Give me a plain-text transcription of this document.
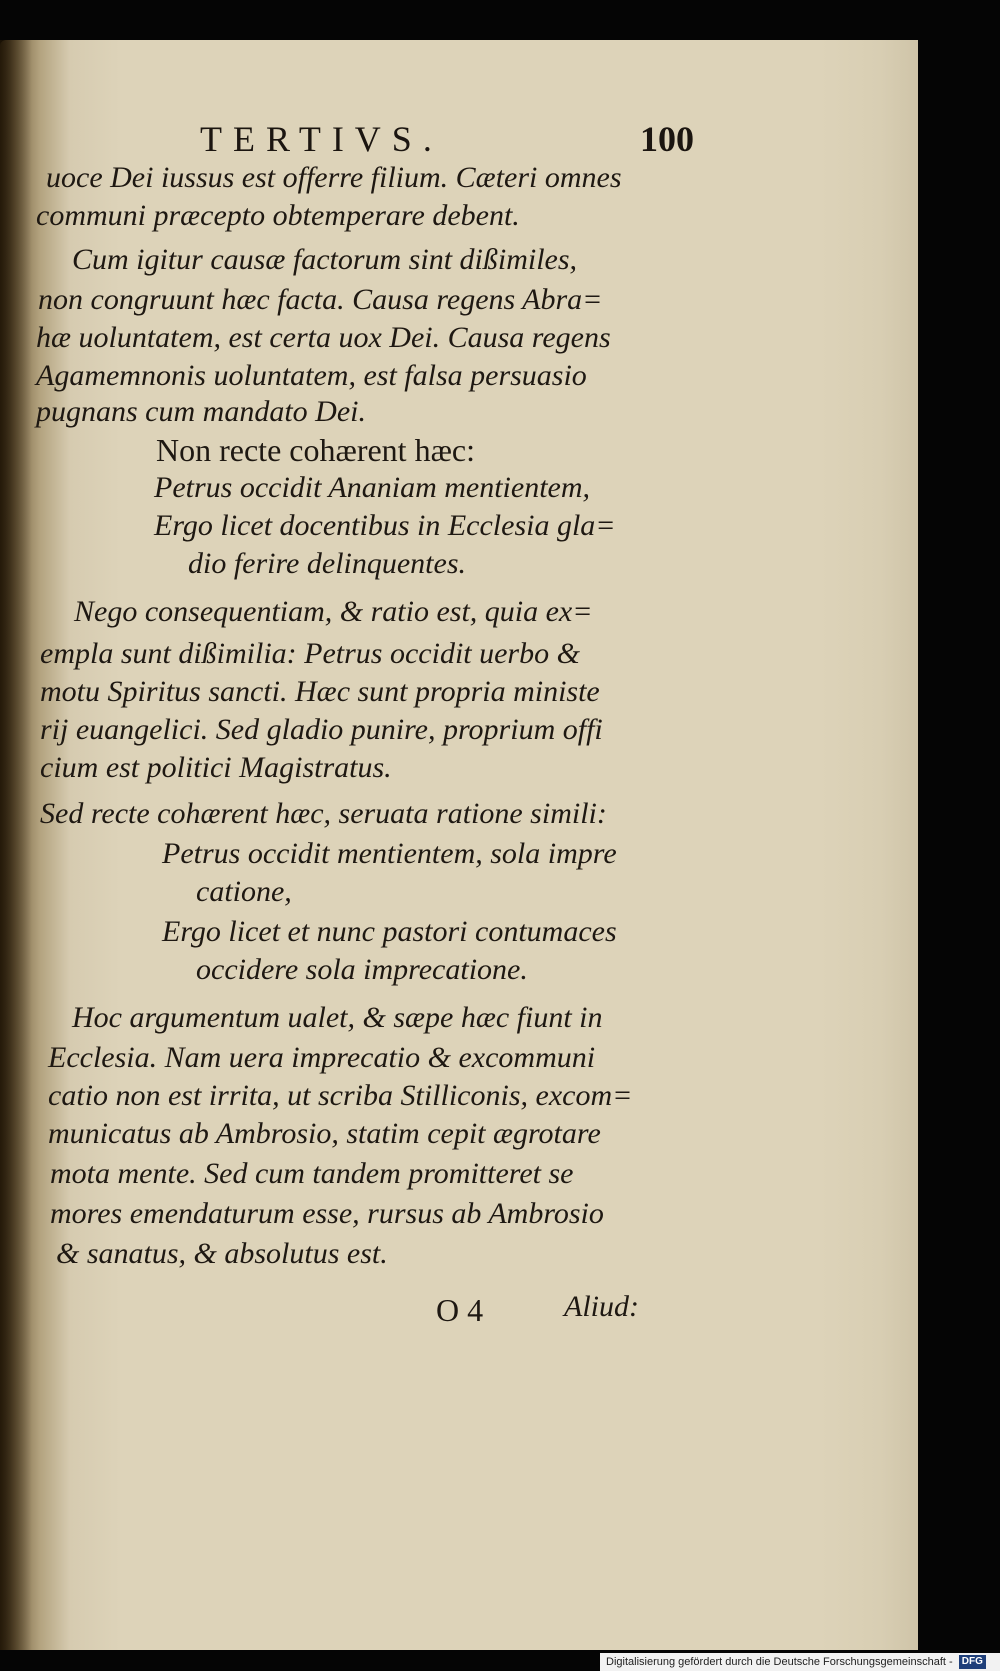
TERTIVS.	100
uoce Dei iussus est offerre filium. Cæteri omnes
communi præcepto obtemperare debent.
Cum igitur causæ factorum sint dißimiles,
non congruunt hæc facta. Causa regens Abra=
hæ uoluntatem, est certa uox Dei. Causa regens
Agamemnonis uoluntatem, est falsa persuasio
pugnans cum mandato Dei.
Non recte cohærent hæc:
Petrus occidit Ananiam mentientem,
Ergo licet docentibus in Ecclesia gla=
dio ferire delinquentes.
Nego consequentiam, & ratio est, quia ex=
empla sunt dißimilia: Petrus occidit uerbo &
motu Spiritus sancti. Hæc sunt propria ministe
rij euangelici. Sed gladio punire, proprium offi
cium est politici Magistratus.
Sed recte cohærent hæc, seruata ratione simili:
Petrus occidit mentientem, sola impre
catione,
Ergo licet et nunc pastori contumaces
occidere sola imprecatione.
Hoc argumentum ualet, & sæpe hæc fiunt in
Ecclesia. Nam uera imprecatio & excommuni
catio non est irrita, ut scriba Stilliconis, excom=
municatus ab Ambrosio, statim cepit ægrotare
mota mente. Sed cum tandem promitteret se
mores emendaturum esse, rursus ab Ambrosio
& sanatus, & absolutus est.
O 4	Aliud:
Digitalisierung gefördert durch die Deutsche Forschungsgemeinschaft - DFG
